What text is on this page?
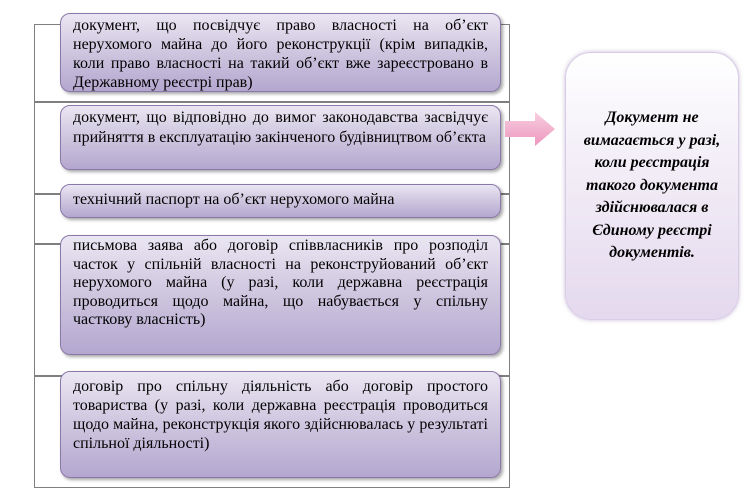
документ, що посвідчує право власності на об’єкт нерухомого майна до його реконструкції (крім випадків, коли право власності на такий об’єкт вже зареєстровано в Державному реєстрі прав)
документ, що відповідно до вимог законодавства засвідчує прийняття в експлуатацію закінченого будівництвом об’єкта
технічний паспорт на об’єкт нерухомого майна
письмова заява або договір співвласників про розподіл часток у спільній власності на реконструйований об’єкт нерухомого майна (у разі, коли державна реєстрація проводиться щодо майна, що набувається у спільну часткову власність)
договір про спільну діяльність або договір простого товариства (у разі, коли державна реєстрація проводиться щодо майна, реконструкція якого здійснювалась у результаті спільної діяльності)
Документ не вимагається у разі, коли реєстрація такого документа здійснювалася в Єдиному реєстрі документів.
